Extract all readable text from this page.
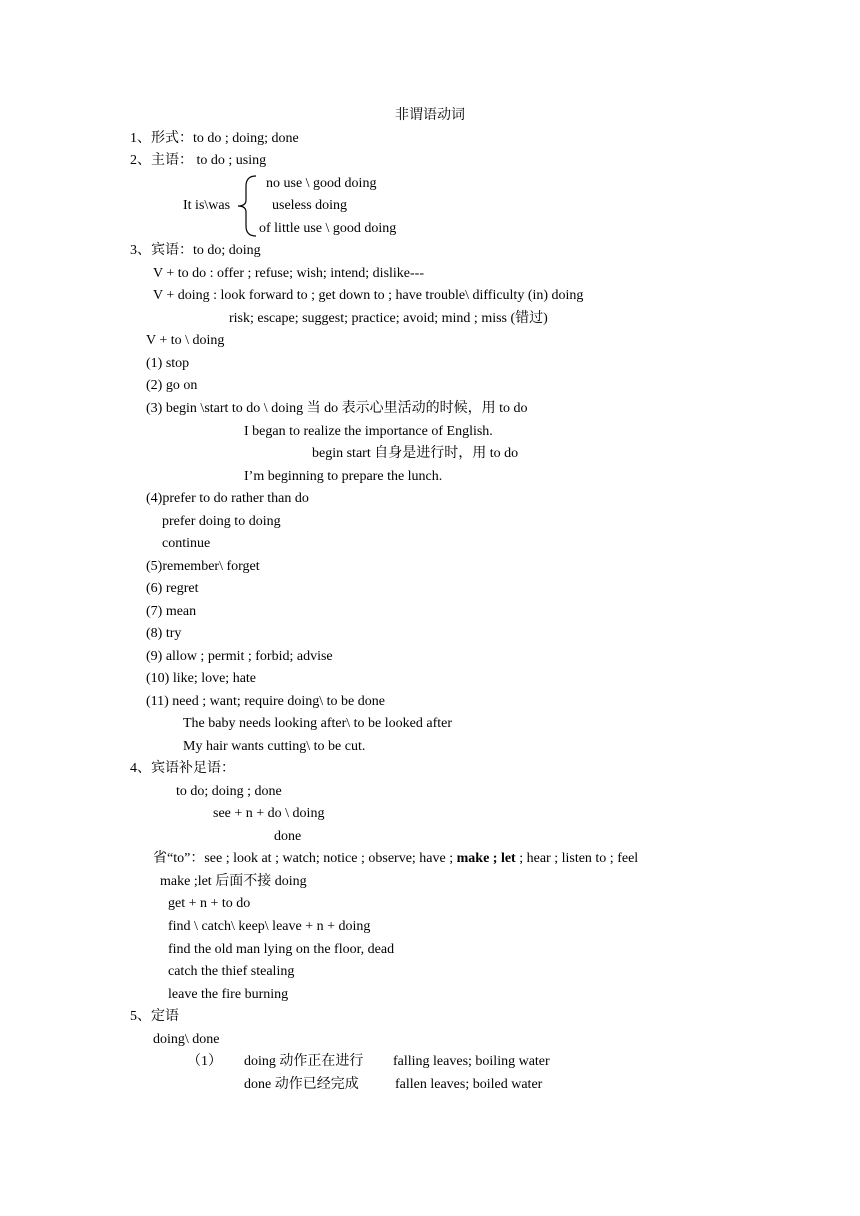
非谓语动词
1、形式：to do ; doing; done
2、主语： to do ; using
no use \ good doing
It is\was	useless doing
of little use \ good doing
3、宾语：to do; doing
V + to do : offer ; refuse; wish; intend; dislike---
V + doing : look forward to ; get down to ; have trouble\ difficulty (in) doing
risk; escape; suggest; practice; avoid; mind ; miss (错过)
V + to \ doing
(1) stop
(2) go on
(3) begin \start to do \ doing 当 do 表示心里活动的时候，用 to do
I began to realize the importance of English.
begin start 自身是进行时，用 to do
I’m beginning to prepare the lunch.
(4)prefer to do rather than do
prefer doing to doing
continue
(5)remember\ forget
(6) regret
(7) mean
(8) try
(9) allow ; permit ; forbid; advise
(10) like; love; hate
(11) need ; want; require doing\ to be done
The baby needs looking after\ to be looked after
My hair wants cutting\ to be cut.
4、宾语补足语：
to do; doing ; done
see + n + do \ doing
done
省“to”：see ; look at ; watch; notice ; observe; have ; make ; let ; hear ; listen to ; feel
make ;let 后面不接 doing
get + n + to do
find \ catch\ keep\ leave + n + doing
find the old man lying on the floor, dead
catch the thief stealing
leave the fire burning
5、定语
doing\ done
（1） doing 动作正在进行 falling leaves; boiling water
done 动作已经完成	fallen leaves; boiled water
